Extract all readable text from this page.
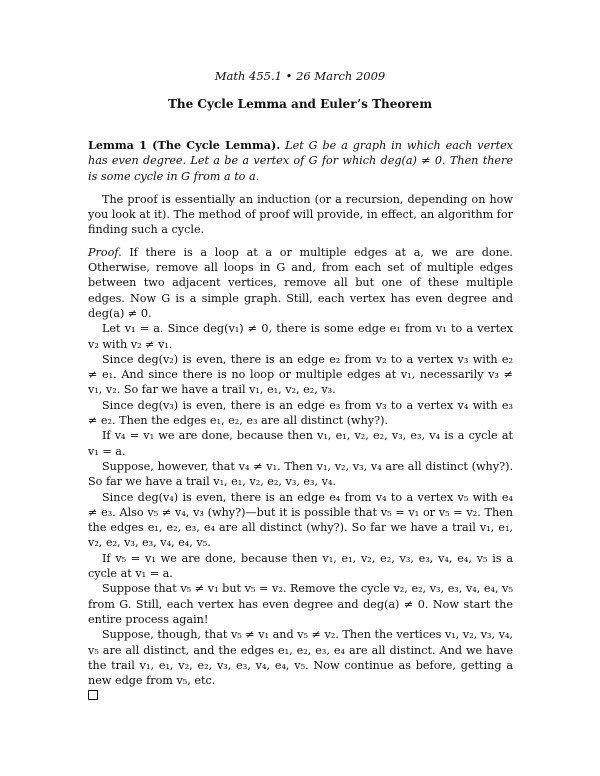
Math 455.1 • 26 March 2009
The Cycle Lemma and Euler’s Theorem

Lemma 1 (The Cycle Lemma). Let G be a graph in which each vertex has even degree. Let a be a vertex of G for which deg(a) ≠ 0. Then there is some cycle in G from a to a.

The proof is essentially an induction (or a recursion, depending on how you look at it). The method of proof will provide, in effect, an algorithm for finding such a cycle.

Proof. If there is a loop at a or multiple edges at a, we are done. Otherwise, remove all loops in G and, from each set of multiple edges between two adjacent vertices, remove all but one of these multiple edges. Now G is a simple graph. Still, each vertex has even degree and deg(a) ≠ 0.

Let v₁ = a. Since deg(v₁) ≠ 0, there is some edge e₁ from v₁ to a vertex v₂ with v₂ ≠ v₁.

Since deg(v₂) is even, there is an edge e₂ from v₂ to a vertex v₃ with e₂ ≠ e₁. And since there is no loop or multiple edges at v₁, necessarily v₃ ≠ v₁, v₂. So far we have a trail v₁, e₁, v₂, e₂, v₃.

Since deg(v₃) is even, there is an edge e₃ from v₃ to a vertex v₄ with e₃ ≠ e₂. Then the edges e₁, e₂, e₃ are all distinct (why?).

If v₄ = v₁ we are done, because then v₁, e₁, v₂, e₂, v₃, e₃, v₄ is a cycle at v₁ = a.

Suppose, however, that v₄ ≠ v₁. Then v₁, v₂, v₃, v₄ are all distinct (why?). So far we have a trail v₁, e₁, v₂, e₂, v₃, e₃, v₄.

Since deg(v₄) is even, there is an edge e₄ from v₄ to a vertex v₅ with e₄ ≠ e₃. Also v₅ ≠ v₄, v₃ (why?)—but it is possible that v₅ = v₁ or v₅ = v₂. Then the edges e₁, e₂, e₃, e₄ are all distinct (why?). So far we have a trail v₁, e₁, v₂, e₂, v₃, e₃, v₄, e₄, v₅.

If v₅ = v₁ we are done, because then v₁, e₁, v₂, e₂, v₃, e₃, v₄, e₄, v₅ is a cycle at v₁ = a.

Suppose that v₅ ≠ v₁ but v₅ = v₂. Remove the cycle v₂, e₂, v₃, e₃, v₄, e₄, v₅ from G. Still, each vertex has even degree and deg(a) ≠ 0. Now start the entire process again!

Suppose, though, that v₅ ≠ v₁ and v₅ ≠ v₂. Then the vertices v₁, v₂, v₃, v₄, v₅ are all distinct, and the edges e₁, e₂, e₃, e₄ are all distinct. And we have the trail v₁, e₁, v₂, e₂, v₃, e₃, v₄, e₄, v₅. Now continue as before, getting a new edge from v₅, etc.
